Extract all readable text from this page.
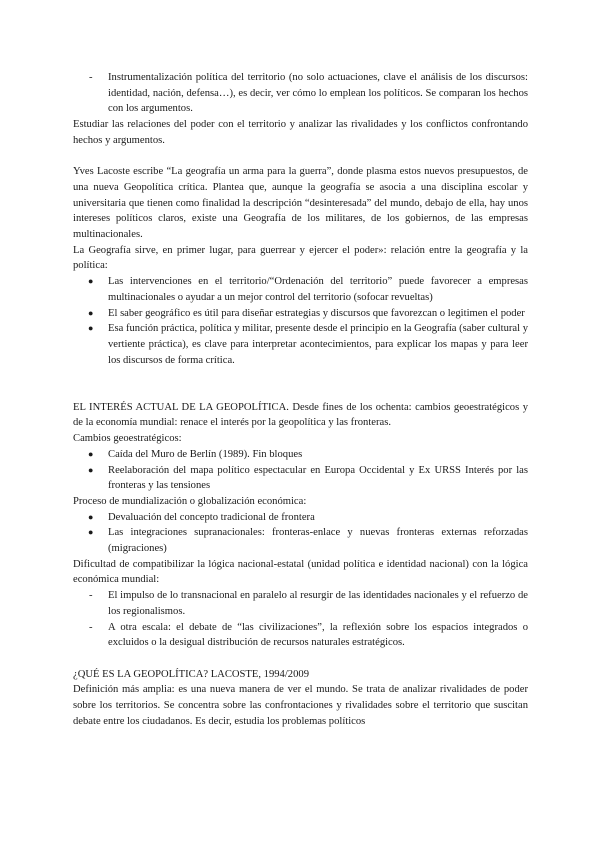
- Instrumentalización política del territorio (no solo actuaciones, clave el análisis de los discursos: identidad, nación, defensa…), es decir, ver cómo lo emplean los políticos. Se comparan los hechos con los argumentos.

Estudiar las relaciones del poder con el territorio y analizar las rivalidades y los conflictos confrontando hechos y argumentos.

Yves Lacoste escribe “La geografía un arma para la guerra”, donde plasma estos nuevos presupuestos, de una nueva Geopolítica crítica. Plantea que, aunque la geografía se asocia a una disciplina escolar y universitaria que tienen como finalidad la descripción “desinteresada” del mundo, debajo de ella, hay unos intereses políticos claros, existe una Geografía de los militares, de los gobiernos, de las empresas multinacionales.

La Geografía sirve, en primer lugar, para guerrear y ejercer el poder»: relación entre la geografía y la política:

● Las intervenciones en el territorio/“Ordenación del territorio” puede favorecer a empresas multinacionales o ayudar a un mejor control del territorio (sofocar revueltas)
● El saber geográfico es útil para diseñar estrategias y discursos que favorezcan o legitimen el poder
● Esa función práctica, política y militar, presente desde el principio en la Geografía (saber cultural y vertiente práctica), es clave para interpretar acontecimientos, para explicar los mapas y para leer los discursos de forma crítica.

EL INTERÉS ACTUAL DE LA GEOPOLÍTICA. Desde fines de los ochenta: cambios geoestratégicos y de la economía mundial: renace el interés por la geopolítica y las fronteras.

Cambios geoestratégicos:

● Caída del Muro de Berlín (1989). Fin bloques
● Reelaboración del mapa político espectacular en Europa Occidental y Ex URSS Interés por las fronteras y las tensiones

Proceso de mundialización o globalización económica:

● Devaluación del concepto tradicional de frontera
● Las integraciones supranacionales: fronteras-enlace y nuevas fronteras externas reforzadas (migraciones)

Dificultad de compatibilizar la lógica nacional-estatal (unidad política e identidad nacional) con la lógica económica mundial:

- El impulso de lo transnacional en paralelo al resurgir de las identidades nacionales y el refuerzo de los regionalismos.
- A otra escala: el debate de “las civilizaciones”, la reflexión sobre los espacios integrados o excluidos o la desigual distribución de recursos naturales estratégicos.

¿QUÉ ES LA GEOPOLÍTICA? LACOSTE, 1994/2009

Definición más amplia: es una nueva manera de ver el mundo. Se trata de analizar rivalidades de poder sobre los territorios. Se concentra sobre las confrontaciones y rivalidades sobre el territorio que suscitan debate entre los ciudadanos. Es decir, estudia los problemas políticos
